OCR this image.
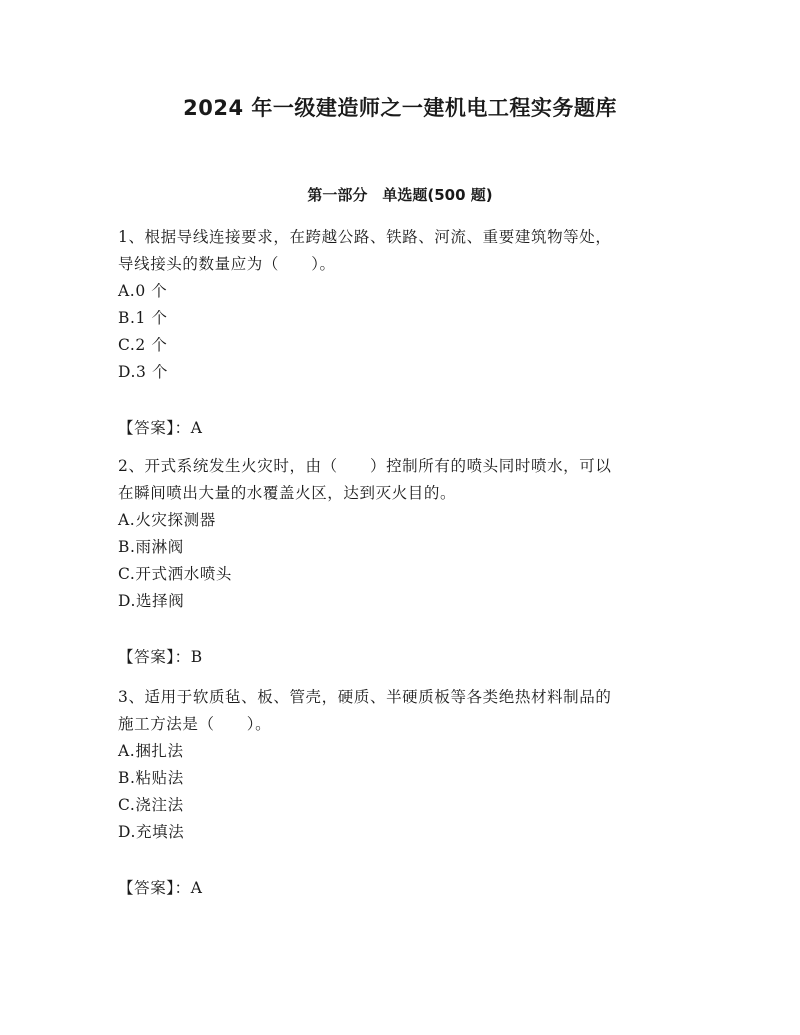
2024 年一级建造师之一建机电工程实务题库
第一部分　单选题(500 题)

1、根据导线连接要求，在跨越公路、铁路、河流、重要建筑物等处，

导线接头的数量应为（　　）。

A.0 个

B.1 个

C.2 个

D.3 个

【答案】：A

2、开式系统发生火灾时，由（　　）控制所有的喷头同时喷水，可以

在瞬间喷出大量的水覆盖火区，达到灭火目的。

A.火灾探测器

B.雨淋阀

C.开式洒水喷头

D.选择阀

【答案】：B

3、适用于软质毡、板、管壳，硬质、半硬质板等各类绝热材料制品的

施工方法是（　　）。

A.捆扎法

B.粘贴法

C.浇注法

D.充填法

【答案】：A
